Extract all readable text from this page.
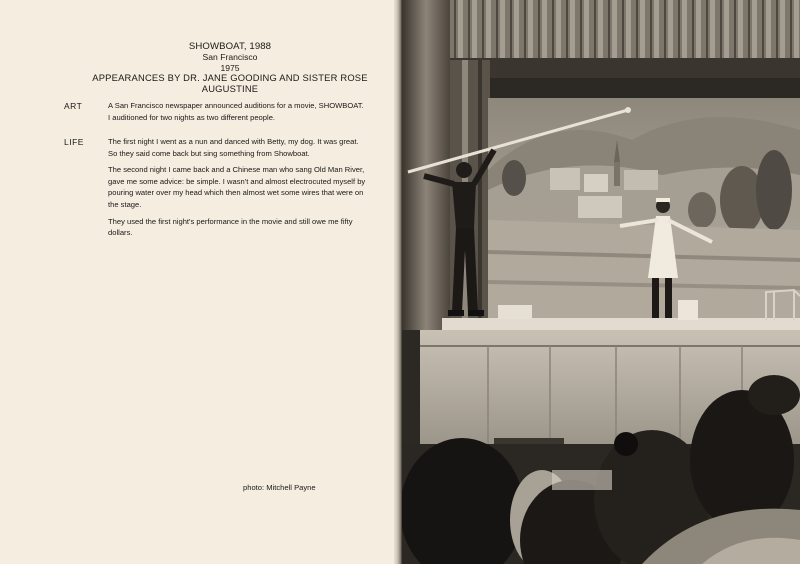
SHOWBOAT, 1988
San Francisco
1975
APPEARANCES BY DR. JANE GOODING AND SISTER ROSE AUGUSTINE
ART	A San Francisco newspaper announced auditions for a movie, SHOWBOAT.
I auditioned for two nights as two different people.
LIFE	The first night I went as a nun and danced with Betty, my dog. It was great. So they said come back but sing something from Showboat.

The second night I came back and a Chinese man who sang Old Man River, gave me some advice: be simple. I wasn't and almost electrocuted myself by pouring water over my head which then almost wet some wires that were on the stage.

They used the first night's performance in the movie and still owe me fifty dollars.

photo: Mitchell Payne
